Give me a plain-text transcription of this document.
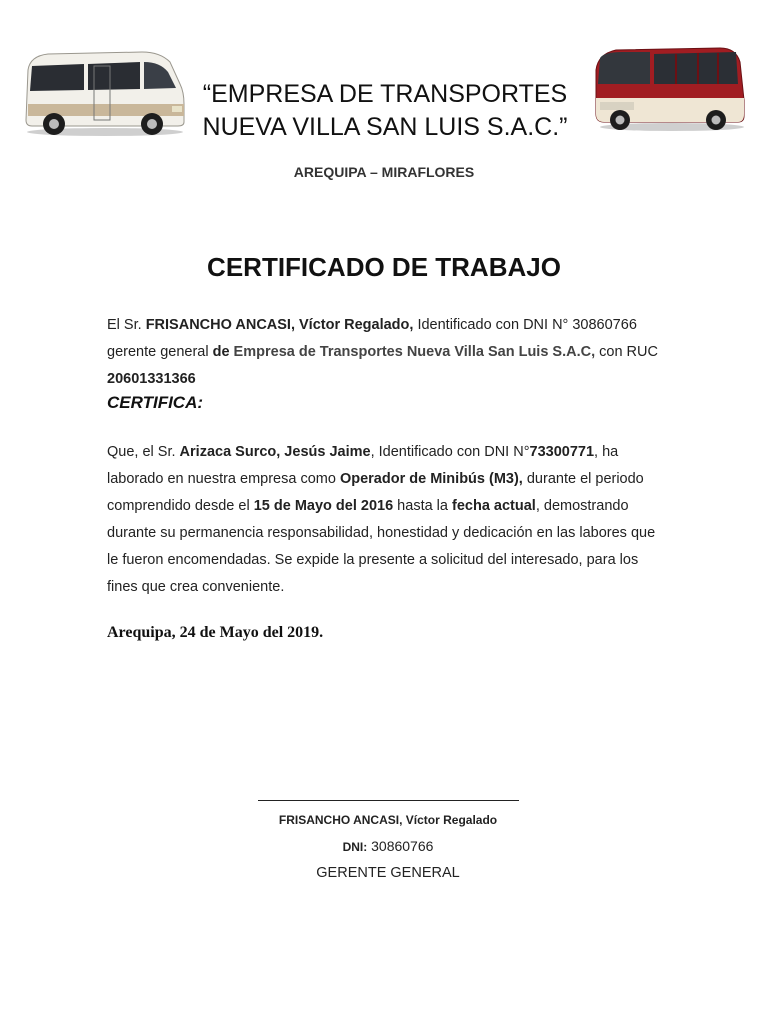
“EMPRESA DE TRANSPORTES
NUEVA VILLA SAN LUIS S.A.C.”
AREQUIPA – MIRAFLORES
CERTIFICADO DE TRABAJO
El Sr. FRISANCHO ANCASI, Víctor Regalado, Identificado con DNI N° 30860766 gerente general de Empresa de Transportes Nueva Villa San Luis S.A.C, con RUC 20601331366
CERTIFICA:
Que, el Sr. Arizaca Surco, Jesús Jaime, Identificado con DNI N°73300771, ha laborado en nuestra empresa como Operador de Minibús (M3), durante el periodo comprendido desde el 15 de Mayo del 2016 hasta la fecha actual, demostrando durante su permanencia responsabilidad, honestidad y dedicación en las labores que le fueron encomendadas. Se expide la presente a solicitud del interesado, para los fines que crea conveniente.
Arequipa, 24 de Mayo del 2019.
FRISANCHO ANCASI, Víctor Regalado
DNI: 30860766
GERENTE GENERAL
